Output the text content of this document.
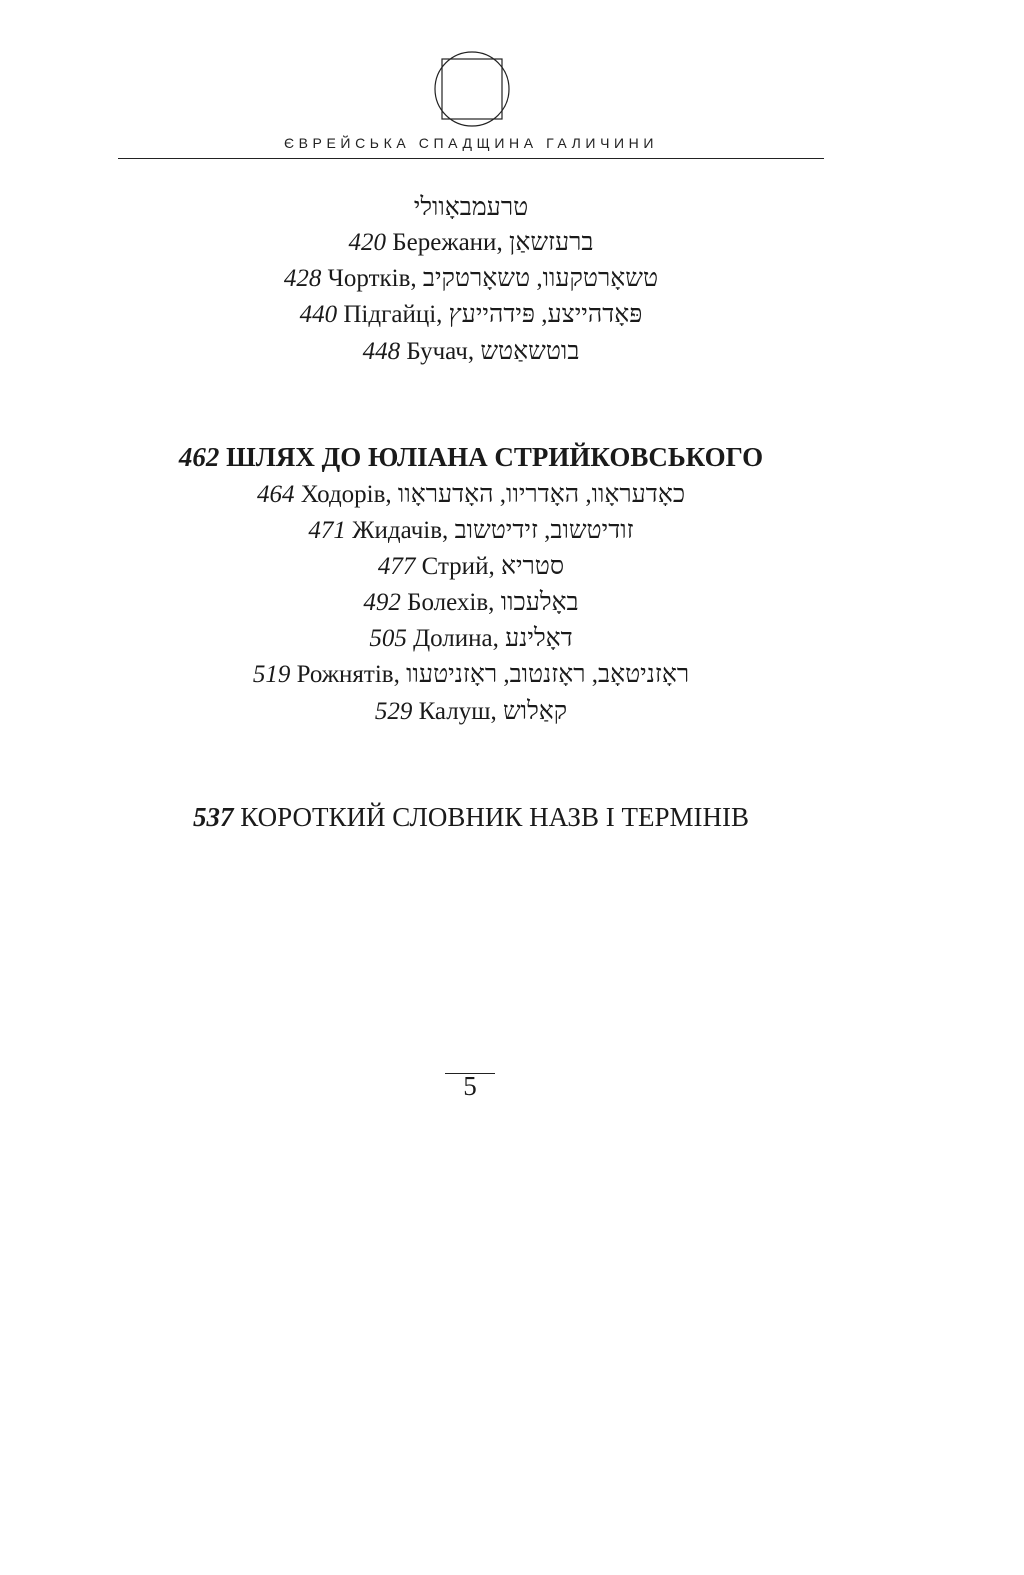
ЄВРЕЙСЬКА СПАДЩИНА ГАЛИЧИНИ
טרעמבאָוולי
420 Бережани, ברעזשאַן
428 Чортків, טשאָרטקעוו, טשאָרטקיב
440 Підгайці, פּאָדהייצע, פּידהייעץ
448 Бучач, בוטשאַטש
462 ШЛЯХ ДО ЮЛІАНА СТРИЙКОВСЬКОГО
464 Ходорів, כאָדעראָוו, האָדריוו, האָדעראָוו
471 Жидачів, זודיטשוב, זידיטשוב
477 Стрий, סטריא
492 Болехів, באָלעכוו
505 Долина, דאָלינע
519 Рожнятів, ראָזניטאָב, ראָזנטוב, ראָזניטעוו
529 Калуш, קאַלוש
537 КОРОТКИЙ СЛОВНИК НАЗВ І ТЕРМІНІВ
5
